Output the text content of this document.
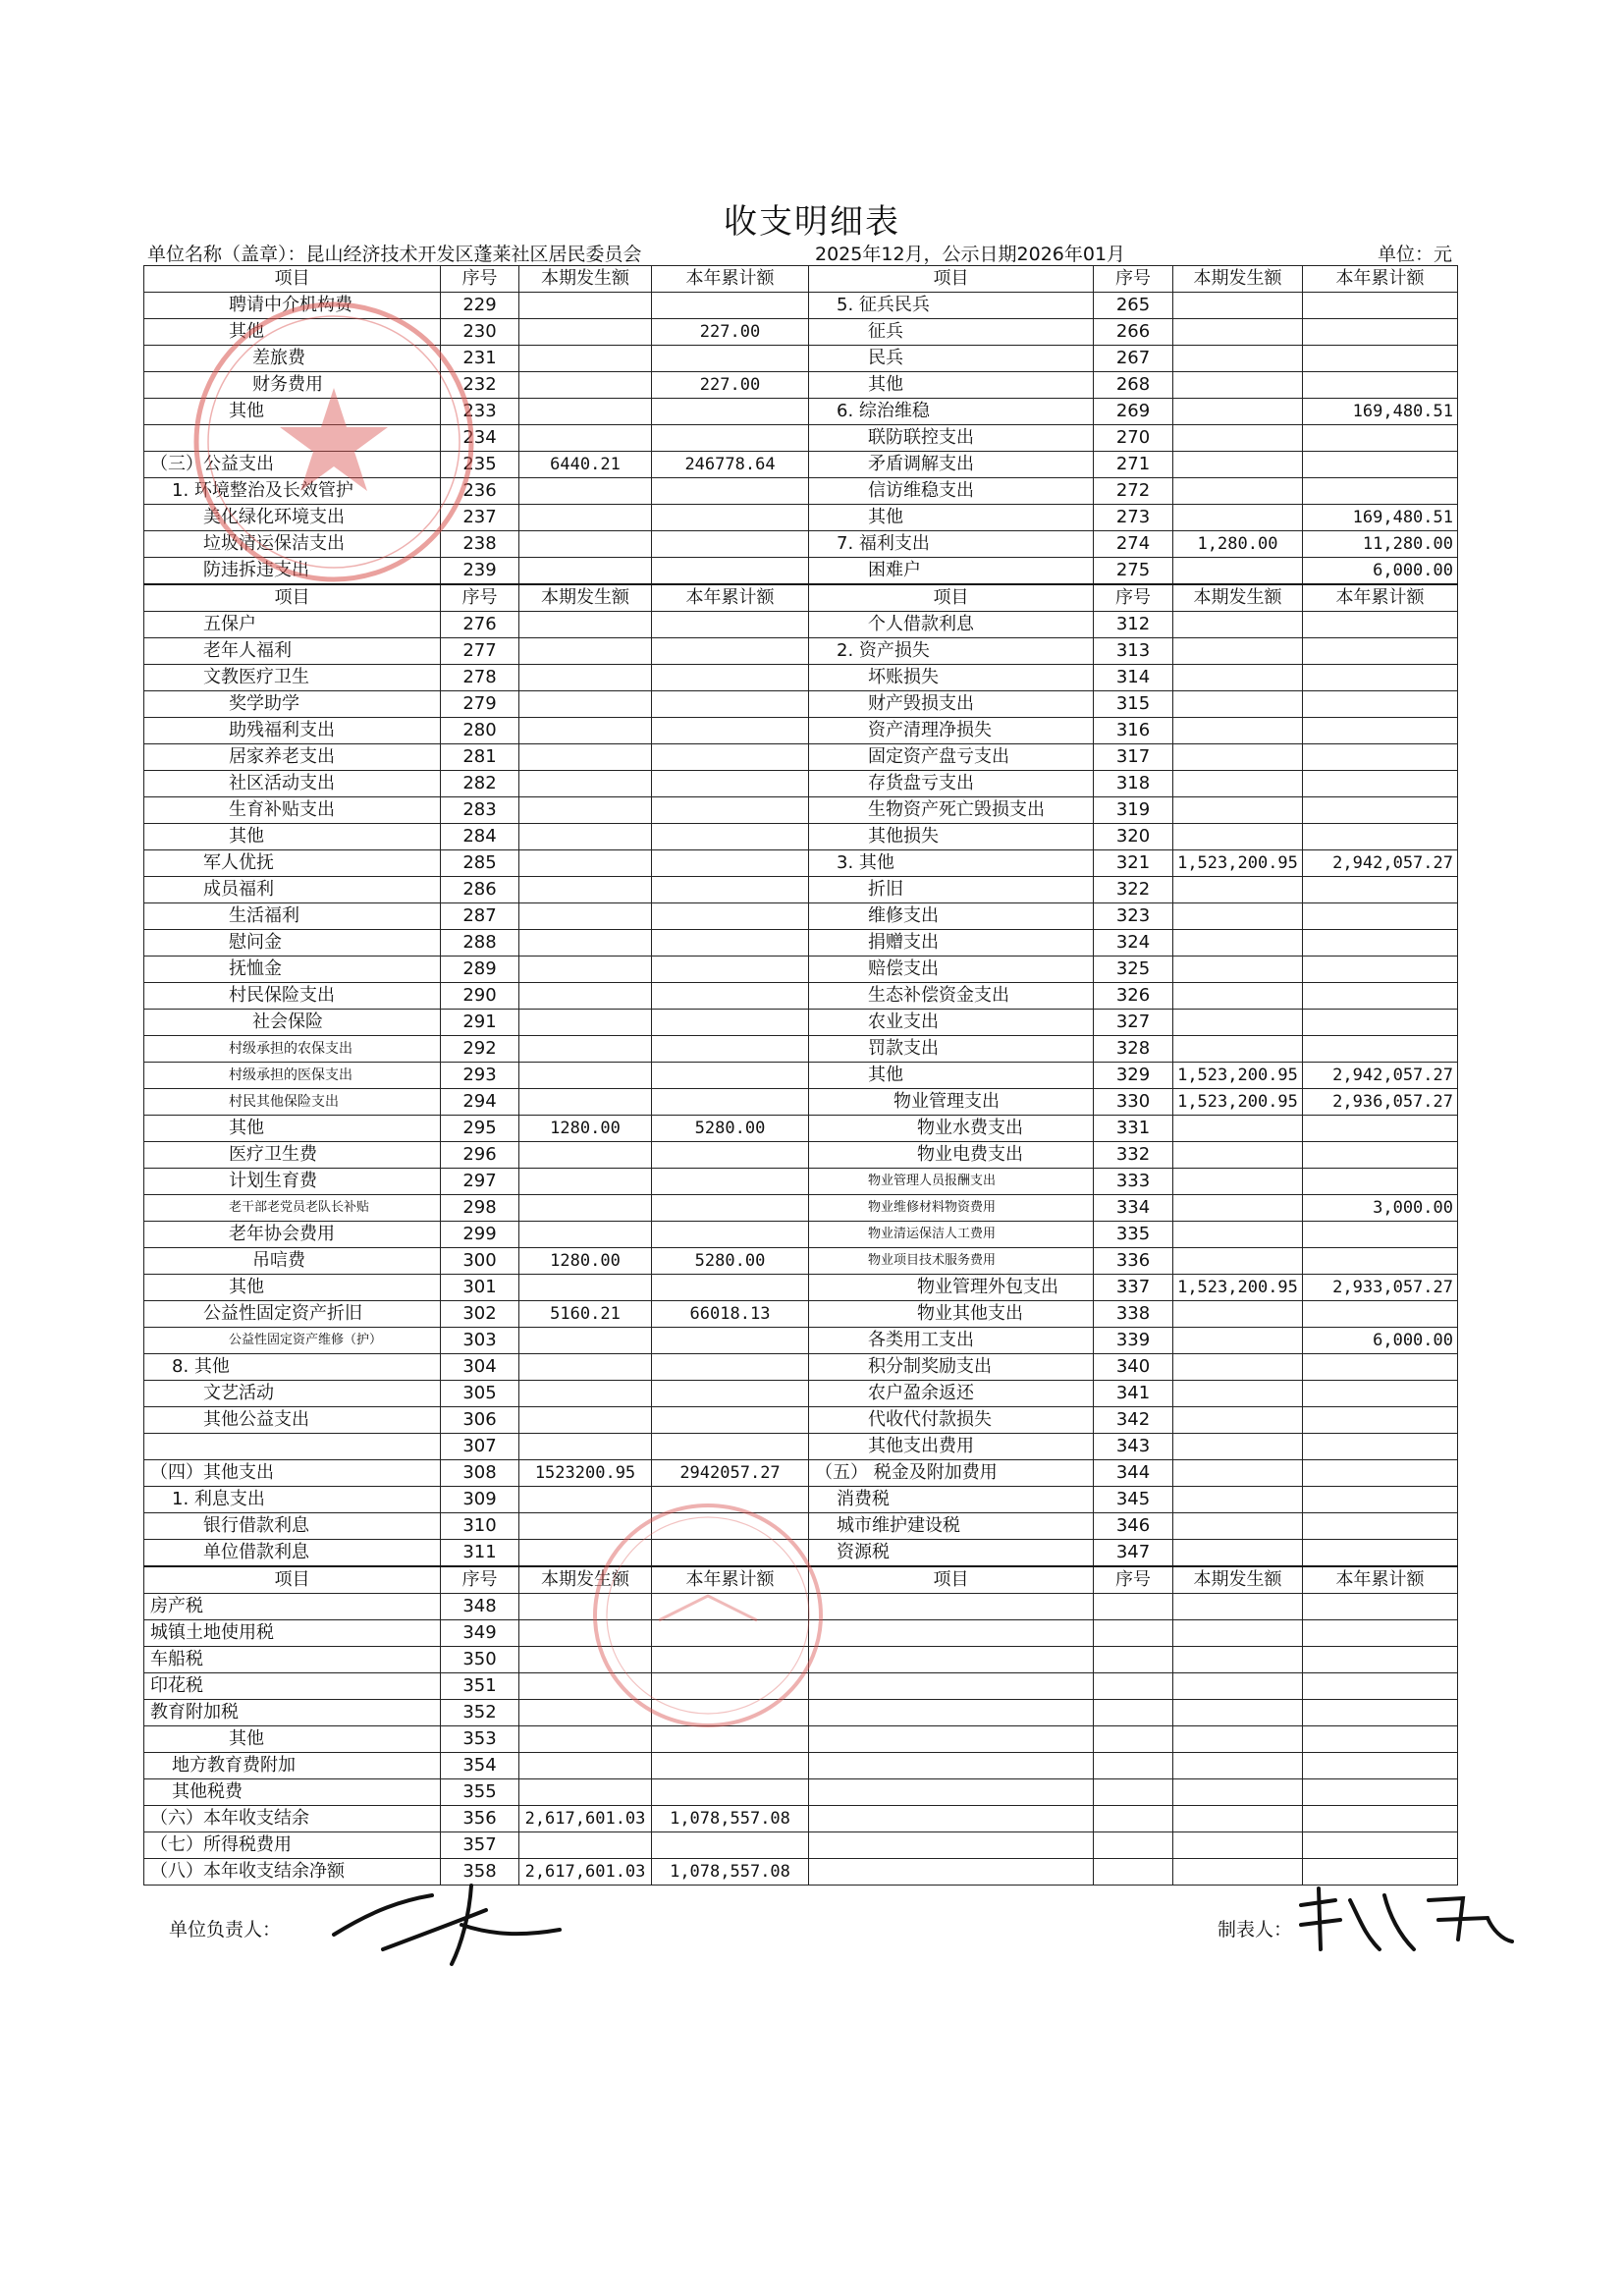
收支明细表
单位名称（盖章）：昆山经济技术开发区蓬莱社区居民委员会	2025年12月，公示日期2026年01月	单位：元
项目	序号	本期发生额	本年累计额	项目	序号	本期发生额	本年累计额
聘请中介机构费	229			5. 征兵民兵	265		
其他	230		227.00	征兵	266		
差旅费	231			民兵	267		
财务费用	232		227.00	其他	268		
其他	233			6. 综治维稳	269		169,480.51
	234			联防联控支出	270		
（三）公益支出	235	6440.21	246778.64	矛盾调解支出	271		
1. 环境整治及长效管护	236			信访维稳支出	272		
美化绿化环境支出	237			其他	273		169,480.51
垃圾清运保洁支出	238			7. 福利支出	274	1,280.00	11,280.00
防违拆违支出	239			困难户	275		6,000.00
项目	序号	本期发生额	本年累计额	项目	序号	本期发生额	本年累计额
五保户	276			个人借款利息	312		
老年人福利	277			2. 资产损失	313		
文教医疗卫生	278			坏账损失	314		
奖学助学	279			财产毁损支出	315		
助残福利支出	280			资产清理净损失	316		
居家养老支出	281			固定资产盘亏支出	317		
社区活动支出	282			存货盘亏支出	318		
生育补贴支出	283			生物资产死亡毁损支出	319		
其他	284			其他损失	320		
军人优抚	285			3. 其他	321	1,523,200.95	2,942,057.27
成员福利	286			折旧	322		
生活福利	287			维修支出	323		
慰问金	288			捐赠支出	324		
抚恤金	289			赔偿支出	325		
村民保险支出	290			生态补偿资金支出	326		
社会保险	291			农业支出	327		
村级承担的农保支出	292			罚款支出	328		
村级承担的医保支出	293			其他	329	1,523,200.95	2,942,057.27
村民其他保险支出	294			物业管理支出	330	1,523,200.95	2,936,057.27
其他	295	1280.00	5280.00	物业水费支出	331		
医疗卫生费	296			物业电费支出	332		
计划生育费	297			物业管理人员报酬支出	333		
老干部老党员老队长补贴	298			物业维修材料物资费用	334		3,000.00
老年协会费用	299			物业清运保洁人工费用	335		
吊唁费	300	1280.00	5280.00	物业项目技术服务费用	336		
其他	301			物业管理外包支出	337	1,523,200.95	2,933,057.27
公益性固定资产折旧	302	5160.21	66018.13	物业其他支出	338		
公益性固定资产维修（护）	303			各类用工支出	339		6,000.00
8. 其他	304			积分制奖励支出	340		
文艺活动	305			农户盈余返还	341		
其他公益支出	306			代收代付款损失	342		
	307			其他支出费用	343		
（四）其他支出	308	1523200.95	2942057.27	（五） 税金及附加费用	344		
1. 利息支出	309			消费税	345		
银行借款利息	310			城市维护建设税	346		
单位借款利息	311			资源税	347		
项目	序号	本期发生额	本年累计额	项目	序号	本期发生额	本年累计额
房产税	348						
城镇土地使用税	349						
车船税	350						
印花税	351						
教育附加税	352						
其他	353						
地方教育费附加	354						
其他税费	355						
（六）本年收支结余	356	2,617,601.03	1,078,557.08				
（七）所得税费用	357						
（八）本年收支结余净额	358	2,617,601.03	1,078,557.08				
单位负责人：	制表人：
